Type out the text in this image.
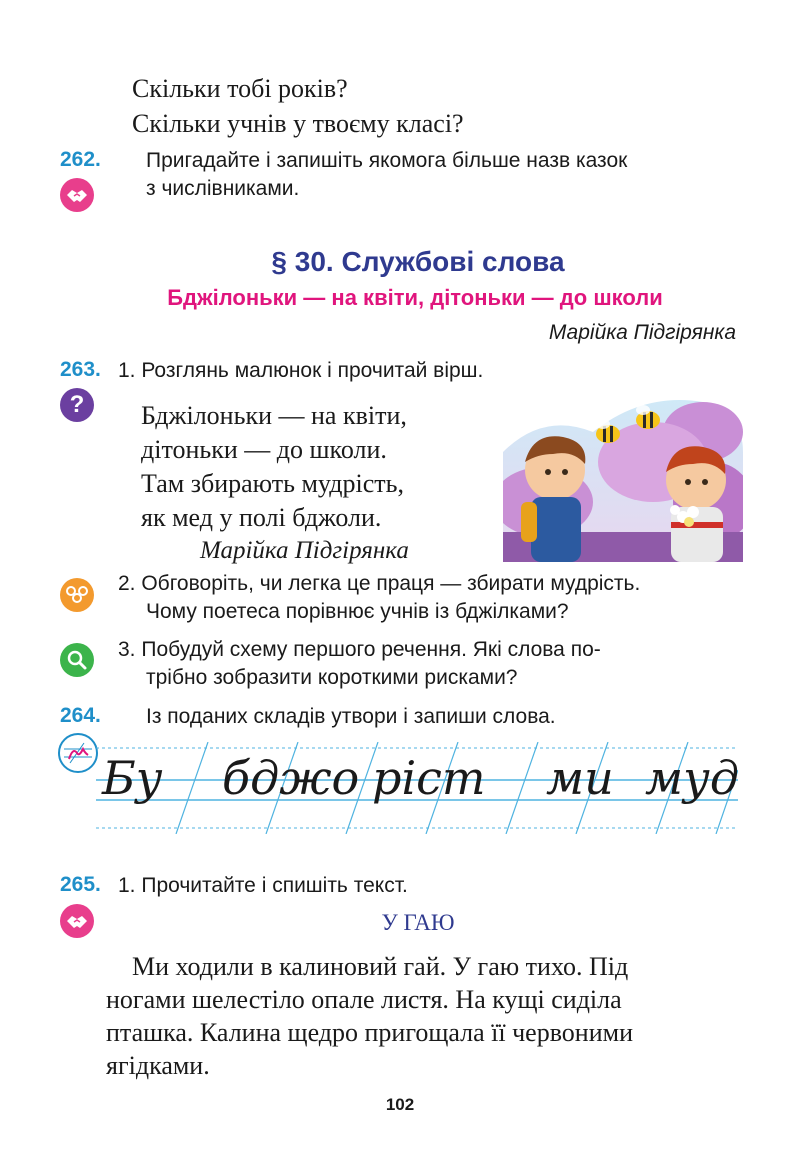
Скільки тобі років?
Скільки учнів у твоєму класі?
262. Пригадайте і запишіть якомога більше назв казок
з числівниками.
§ 30. Службові слова
Бджілоньки — на квіти, дітоньки — до школи
Марійка Підгірянка
263. 1. Розглянь малюнок і прочитай вірш.
? Бджілоньки — на квіти,
дітоньки — до школи.
Там збирають мудрість,
як мед у полі бджоли.
Марійка Підгірянка
2. Обговоріть, чи легка це праця — збирати мудрість.
Чому поетеса порівнює учнів із бджілками?
3. Побудуй схему першого речення. Які слова по-
трібно зобразити короткими рисками?
264. Із поданих складів утвори і запиши слова.
Бу бджо ріст ми муд
265. 1. Прочитайте і спишіть текст.
У ГАЮ
Ми ходили в калиновий гай. У гаю тихо. Під
ногами шелестіло опале листя. На кущі сиділа
пташка. Калина щедро пригощала її червоними
ягідками.
102
